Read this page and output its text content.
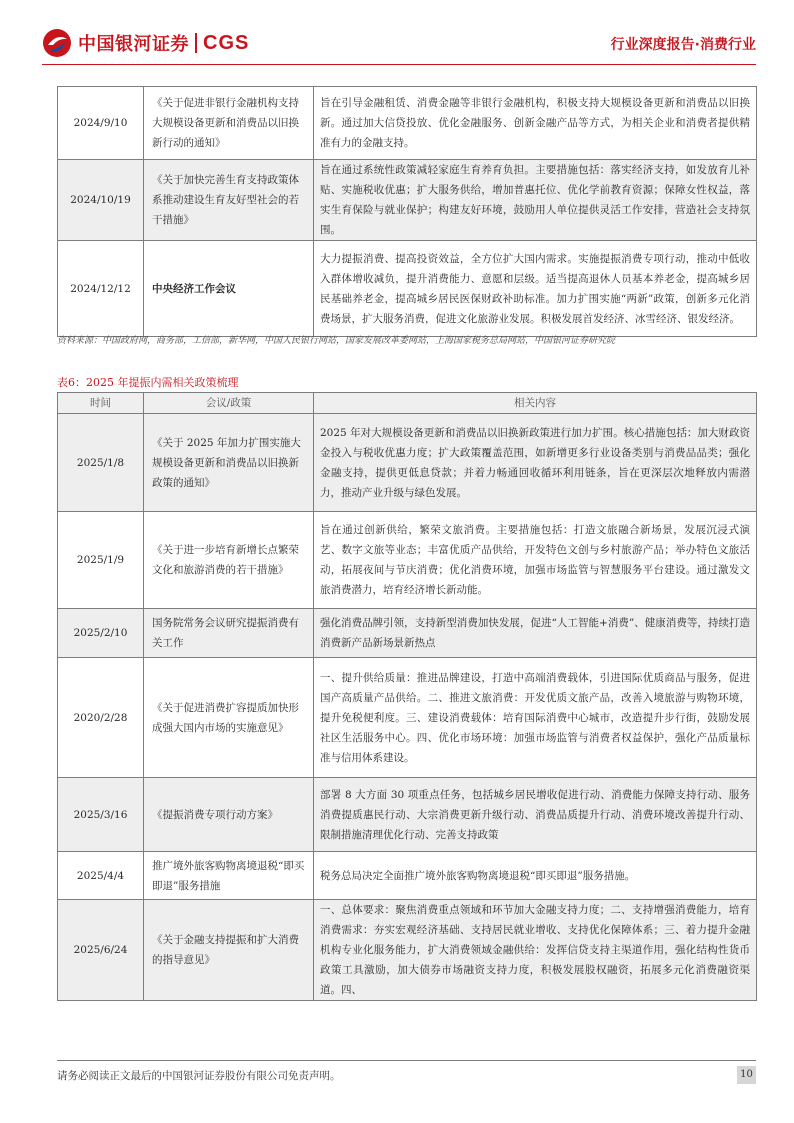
中国银河证券 CGS	行业深度报告·消费行业
2024/9/10	《关于促进非银行金融机构支持大规模设备更新和消费品以旧换新行动的通知》	旨在引导金融租赁、消费金融等非银行金融机构，积极支持大规模设备更新和消费品以旧换新。通过加大信贷投放、优化金融服务、创新金融产品等方式，为相关企业和消费者提供精准有力的金融支持。
2024/10/19	《关于加快完善生育支持政策体系推动建设生育友好型社会的若干措施》	旨在通过系统性政策减轻家庭生育养育负担。主要措施包括：落实经济支持，如发放育儿补贴、实施税收优惠；扩大服务供给，增加普惠托位、优化学前教育资源；保障女性权益，落实生育保险与就业保护；构建友好环境，鼓励用人单位提供灵活工作安排，营造社会支持氛围。
2024/12/12	中央经济工作会议	大力提振消费、提高投资效益，全方位扩大国内需求。实施提振消费专项行动，推动中低收入群体增收减负，提升消费能力、意愿和层级。适当提高退休人员基本养老金，提高城乡居民基础养老金，提高城乡居民医保财政补助标准。加力扩围实施“两新”政策，创新多元化消费场景，扩大服务消费，促进文化旅游业发展。积极发展首发经济、冰雪经济、银发经济。
资料来源：中国政府网，商务部，工信部，新华网，中国人民银行网站，国家发展改革委网站，上海国家税务总局网站，中国银河证券研究院
表6：2025 年提振内需相关政策梳理
时间	会议/政策	相关内容
2025/1/8	《关于 2025 年加力扩围实施大规模设备更新和消费品以旧换新政策的通知》	2025 年对大规模设备更新和消费品以旧换新政策进行加力扩围。核心措施包括：加大财政资金投入与税收优惠力度；扩大政策覆盖范围，如新增更多行业设备类别与消费品品类；强化金融支持，提供更低息贷款；并着力畅通回收循环利用链条，旨在更深层次地释放内需潜力，推动产业升级与绿色发展。
2025/1/9	《关于进一步培育新增长点繁荣文化和旅游消费的若干措施》	旨在通过创新供给，繁荣文旅消费。主要措施包括：打造文旅融合新场景，发展沉浸式演艺、数字文旅等业态；丰富优质产品供给，开发特色文创与乡村旅游产品；举办特色文旅活动，拓展夜间与节庆消费；优化消费环境，加强市场监管与智慧服务平台建设。通过激发文旅消费潜力，培育经济增长新动能。
2025/2/10	国务院常务会议研究提振消费有关工作	强化消费品牌引领，支持新型消费加快发展，促进“人工智能+消费”、健康消费等，持续打造消费新产品新场景新热点
2020/2/28	《关于促进消费扩容提质加快形成强大国内市场的实施意见》	一、提升供给质量：推进品牌建设，打造中高端消费载体，引进国际优质商品与服务，促进国产高质量产品供给。二、推进文旅消费：开发优质文旅产品，改善入境旅游与购物环境，提升免税便利度。三、建设消费载体：培育国际消费中心城市，改造提升步行街，鼓励发展社区生活服务中心。四、优化市场环境：加强市场监管与消费者权益保护，强化产品质量标准与信用体系建设。
2025/3/16	《提振消费专项行动方案》	部署 8 大方面 30 项重点任务，包括城乡居民增收促进行动、消费能力保障支持行动、服务消费提质惠民行动、大宗消费更新升级行动、消费品质提升行动、消费环境改善提升行动、限制措施清理优化行动、完善支持政策
2025/4/4	推广境外旅客购物离境退税“即买即退”服务措施	税务总局决定全面推广境外旅客购物离境退税“即买即退”服务措施。
2025/6/24	《关于金融支持提振和扩大消费的指导意见》	一、总体要求：聚焦消费重点领域和环节加大金融支持力度；二、支持增强消费能力，培育消费需求：夯实宏观经济基础、支持居民就业增收、支持优化保障体系；三、着力提升金融机构专业化服务能力，扩大消费领域金融供给：发挥信贷支持主渠道作用，强化结构性货币政策工具激励，加大债券市场融资支持力度，积极发展股权融资，拓展多元化消费融资渠道。四、
请务必阅读正文最后的中国银河证券股份有限公司免责声明。	10
